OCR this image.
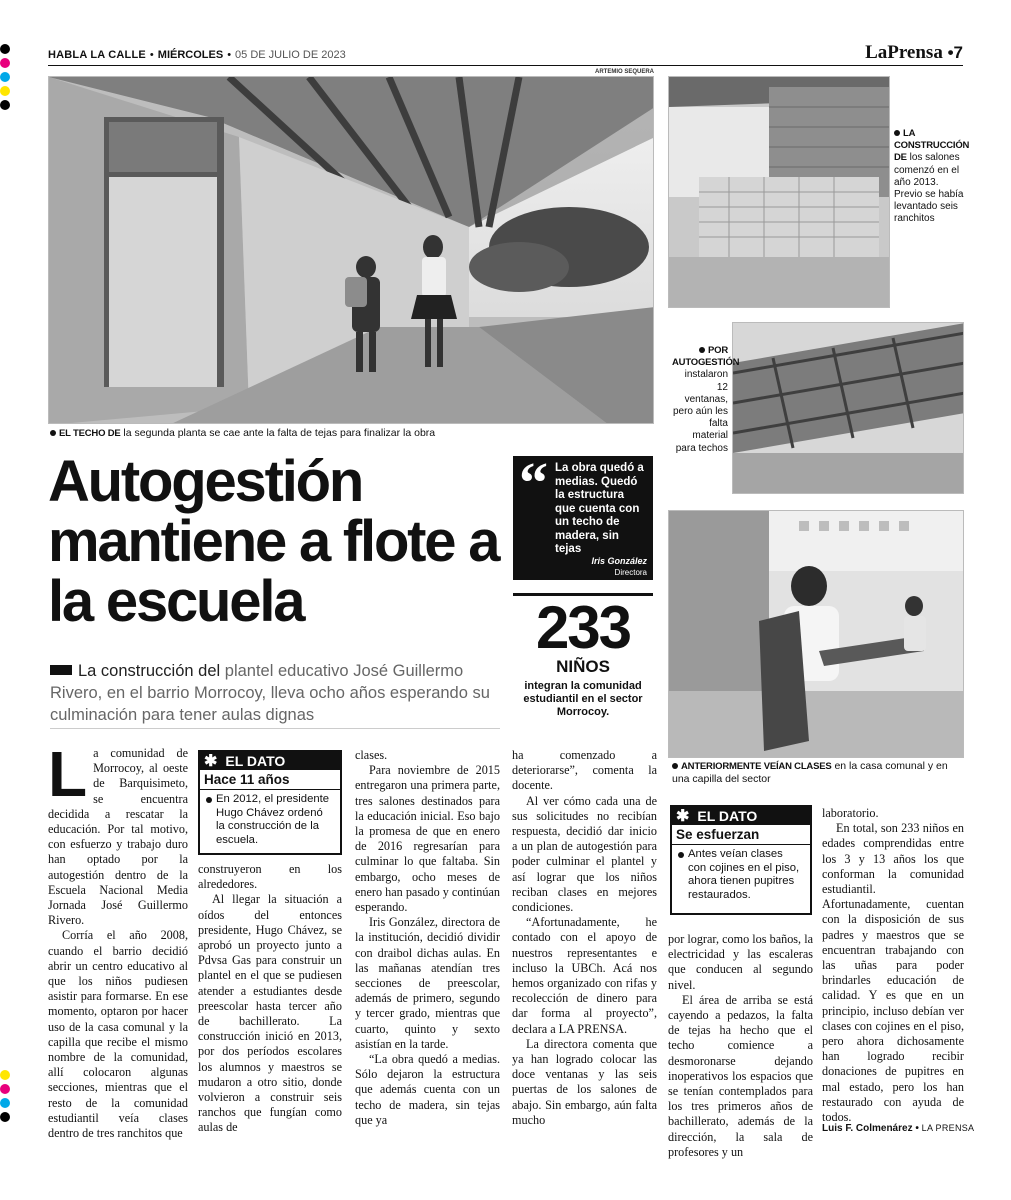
HABLA LA CALLE • MIÉRCOLES • 05 DE JULIO DE 2023	LaPrensa •7
ARTEMIO SEQUERA
EL TECHO DE la segunda planta se cae ante la falta de tejas para finalizar la obra
LA CONSTRUCCIÓN DE los salones comenzó en el año 2013. Previo se había levantado seis ranchitos
POR AUTOGESTIÓN instalaron 12 ventanas, pero aún les falta material para techos
ANTERIORMENTE VEÍAN CLASES en la casa comunal y en una capilla del sector
Autogestión mantiene a flote a la escuela
La construcción del plantel educativo José Guillermo Rivero, en el barrio Morrocoy, lleva ocho años esperando su culminación para tener aulas dignas
“ La obra quedó a medias. Quedó la estructura que cuenta con un techo de madera, sin tejas
Iris González
Directora
233
NIÑOS
integran la comunidad estudiantil en el sector Morrocoy.

La comunidad de Morrocoy, al oeste de Barquisimeto, se encuentra decidida a rescatar la educación. Por tal motivo, con esfuerzo y trabajo duro han optado por la autogestión dentro de la Escuela Nacional Media Jornada José Guillermo Rivero.

Corría el año 2008, cuando el barrio decidió abrir un centro educativo al que los niños pudiesen asistir para formarse. En ese momento, optaron por hacer uso de la casa comunal y la capilla que recibe el mismo nombre de la comunidad, allí colocaron algunas secciones, mientras que el resto de la comunidad estudiantil veía clases dentro de tres ranchitos que

✱ EL DATO
Hace 11 años
En 2012, el presidente Hugo Chávez ordenó la construcción de la escuela.

construyeron en los alrededores.

Al llegar la situación a oídos del entonces presidente, Hugo Chávez, se aprobó un proyecto junto a Pdvsa Gas para construir un plantel en el que se pudiesen atender a estudiantes desde preescolar hasta tercer año de bachillerato. La construcción inició en 2013, por dos períodos escolares los alumnos y maestros se mudaron a otro sitio, donde volvieron a construir seis ranchos que fungían como aulas de

clases.

Para noviembre de 2015 entregaron una primera parte, tres salones destinados para la educación inicial. Eso bajo la promesa de que en enero de 2016 regresarían para culminar lo que faltaba. Sin embargo, ocho meses de enero han pasado y continúan esperando.

Iris González, directora de la institución, decidió dividir con draibol dichas aulas. En las mañanas atendían tres secciones de preescolar, además de primero, segundo y tercer grado, mientras que cuarto, quinto y sexto asistían en la tarde.

“La obra quedó a medias. Sólo dejaron la estructura que además cuenta con un techo de madera, sin tejas que ya

ha comenzado a deteriorarse”, comenta la docente.

Al ver cómo cada una de sus solicitudes no recibían respuesta, decidió dar inicio a un plan de autogestión para poder culminar el plantel y así lograr que los niños reciban clases en mejores condiciones.

“Afortunadamente, he contado con el apoyo de nuestros representantes e incluso la UBCh. Acá nos hemos organizado con rifas y recolección de dinero para dar forma al proyecto”, declara a LA PRENSA.

La directora comenta que ya han logrado colocar las doce ventanas y las seis puertas de los salones de abajo. Sin embargo, aún falta mucho

✱ EL DATO
Se esfuerzan
Antes veían clases con cojines en el piso, ahora tienen pupitres restaurados.

por lograr, como los baños, la electricidad y las escaleras que conducen al segundo nivel.

El área de arriba se está cayendo a pedazos, la falta de tejas ha hecho que el techo comience a desmoronarse dejando inoperativos los espacios que se tenían contemplados para los tres primeros años de bachillerato, además de la dirección, la sala de profesores y un

laboratorio.

En total, son 233 niños en edades comprendidas entre los 3 y 13 años los que conforman la comunidad estudiantil. Afortunadamente, cuentan con la disposición de sus padres y maestros que se encuentran trabajando con las uñas para poder brindarles educación de calidad. Y es que en un principio, incluso debían ver clases con cojines en el piso, pero ahora dichosamente han logrado recibir donaciones de pupitres en mal estado, pero los han restaurado con ayuda de todos.

Luis F. Colmenárez • LA PRENSA
